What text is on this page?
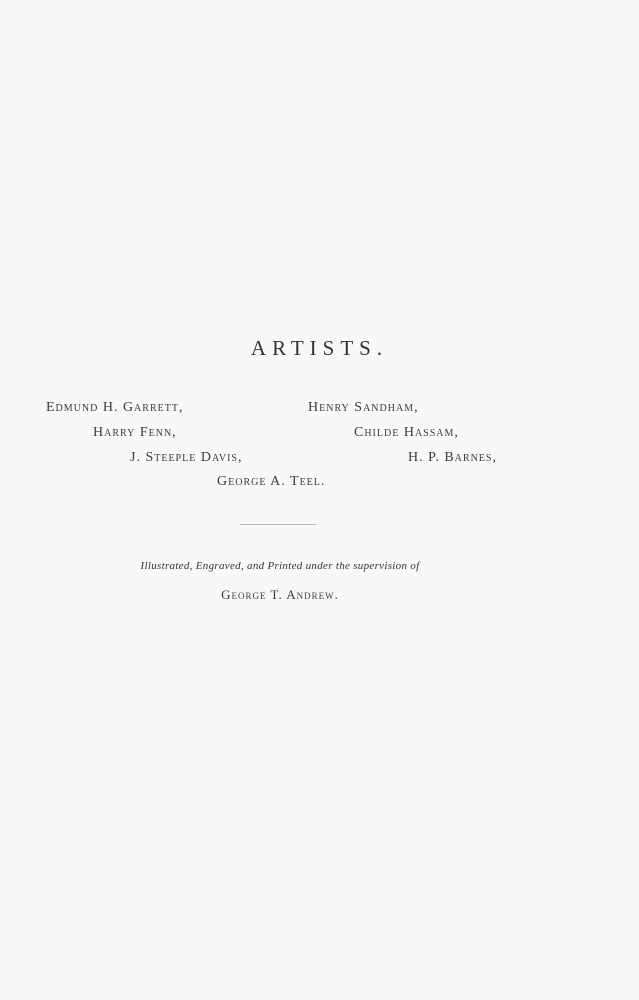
ARTISTS.
Edmund H. Garrett,	Henry Sandham,
Harry Fenn,	Childe Hassam,
J. Steeple Davis,	H. P. Barnes,
George A. Teel.
Illustrated, Engraved, and Printed under the supervision of
George T. Andrew.
